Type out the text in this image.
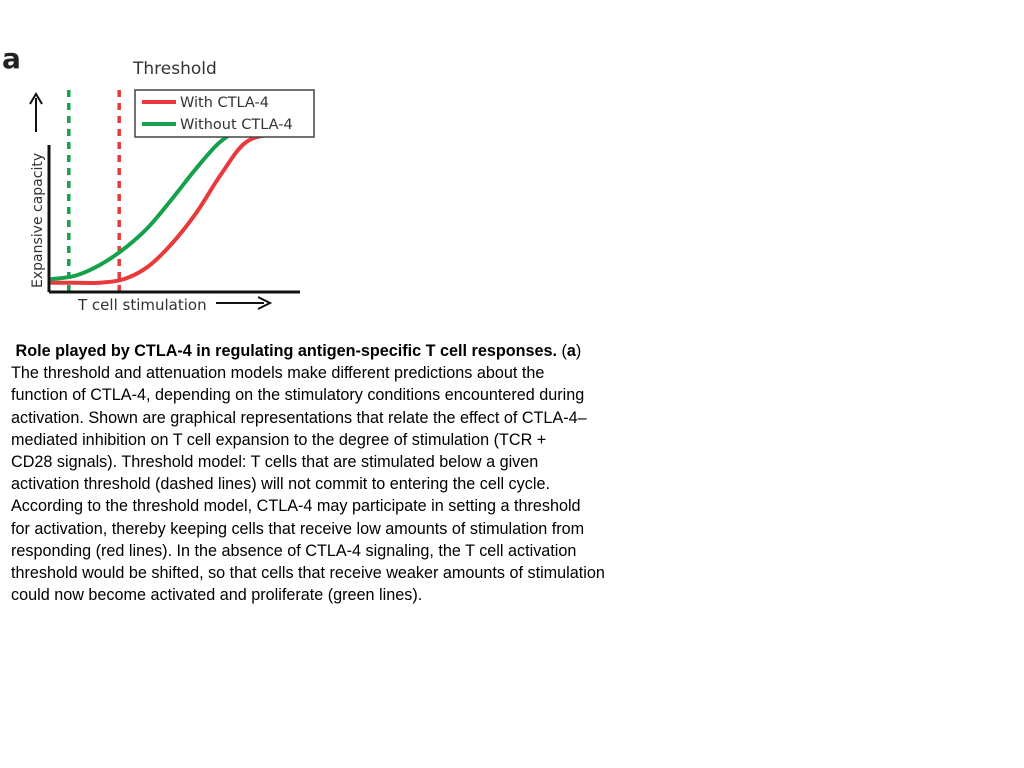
a	Threshold
Expansive capacity
T cell stimulation
With CTLA-4
Without CTLA-4
Role played by CTLA-4 in regulating antigen-specific T cell responses. (a)
The threshold and attenuation models make different predictions about the
function of CTLA-4, depending on the stimulatory conditions encountered during
activation. Shown are graphical representations that relate the effect of CTLA-4–
mediated inhibition on T cell expansion to the degree of stimulation (TCR +
CD28 signals). Threshold model: T cells that are stimulated below a given
activation threshold (dashed lines) will not commit to entering the cell cycle.
According to the threshold model, CTLA-4 may participate in setting a threshold
for activation, thereby keeping cells that receive low amounts of stimulation from
responding (red lines). In the absence of CTLA-4 signaling, the T cell activation
threshold would be shifted, so that cells that receive weaker amounts of stimulation
could now become activated and proliferate (green lines).
